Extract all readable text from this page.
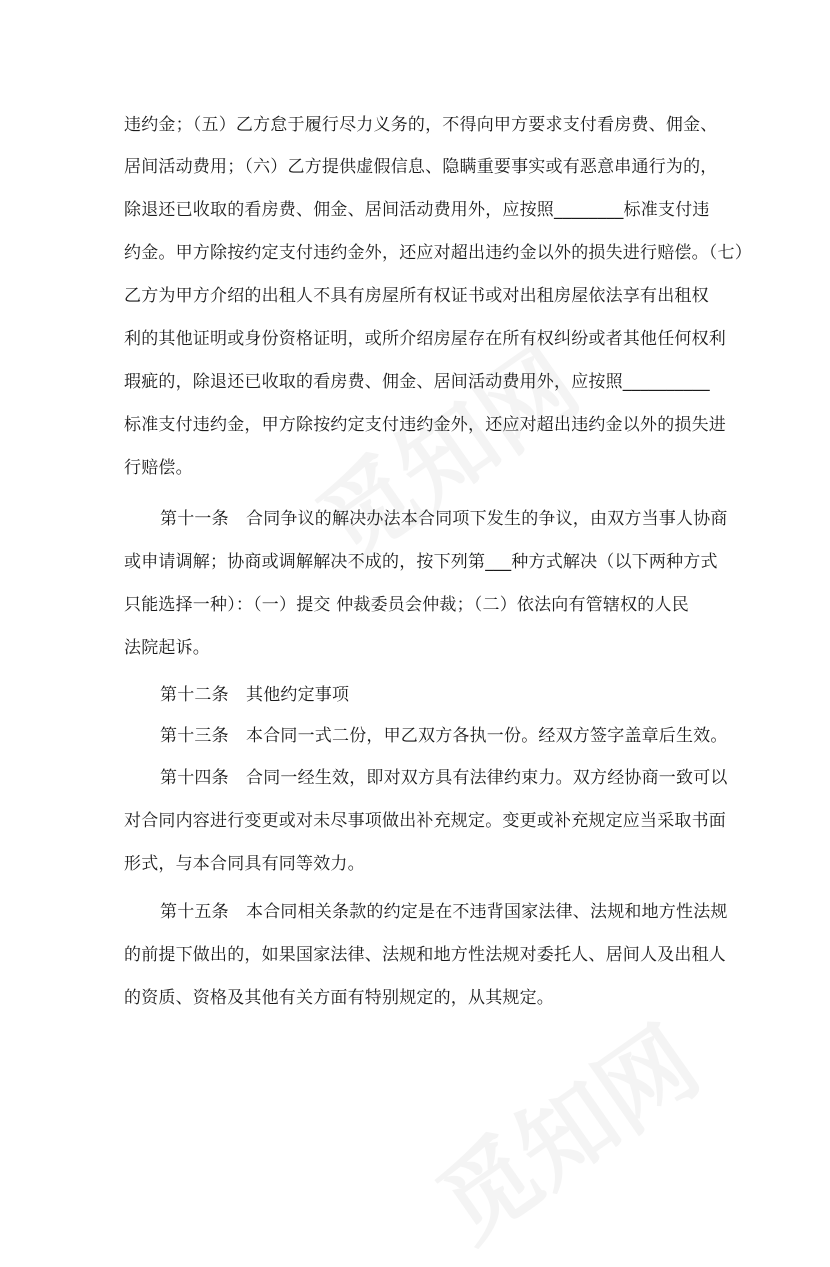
违约金；（五）乙方怠于履行尽力义务的，不得向甲方要求支付看房费、佣金、
居间活动费用；（六）乙方提供虚假信息、隐瞒重要事实或有恶意串通行为的，
除退还已收取的看房费、佣金、居间活动费用外，应按照________标准支付违
约金。甲方除按约定支付违约金外，还应对超出违约金以外的损失进行赔偿。（七）
乙方为甲方介绍的出租人不具有房屋所有权证书或对出租房屋依法享有出租权
利的其他证明或身份资格证明，或所介绍房屋存在所有权纠纷或者其他任何权利
瑕疵的，除退还已收取的看房费、佣金、居间活动费用外，应按照__________
标准支付违约金，甲方除按约定支付违约金外，还应对超出违约金以外的损失进
行赔偿。
第十一条　合同争议的解决办法本合同项下发生的争议，由双方当事人协商
或申请调解；协商或调解解决不成的，按下列第___种方式解决（以下两种方式
只能选择一种）：（一）提交 仲裁委员会仲裁；（二）依法向有管辖权的人民
法院起诉。
第十二条　其他约定事项
第十三条　本合同一式二份，甲乙双方各执一份。经双方签字盖章后生效。
第十四条　合同一经生效，即对双方具有法律约束力。双方经协商一致可以
对合同内容进行变更或对未尽事项做出补充规定。变更或补充规定应当采取书面
形式，与本合同具有同等效力。
第十五条　本合同相关条款的约定是在不违背国家法律、法规和地方性法规
的前提下做出的，如果国家法律、法规和地方性法规对委托人、居间人及出租人
的资质、资格及其他有关方面有特别规定的，从其规定。
